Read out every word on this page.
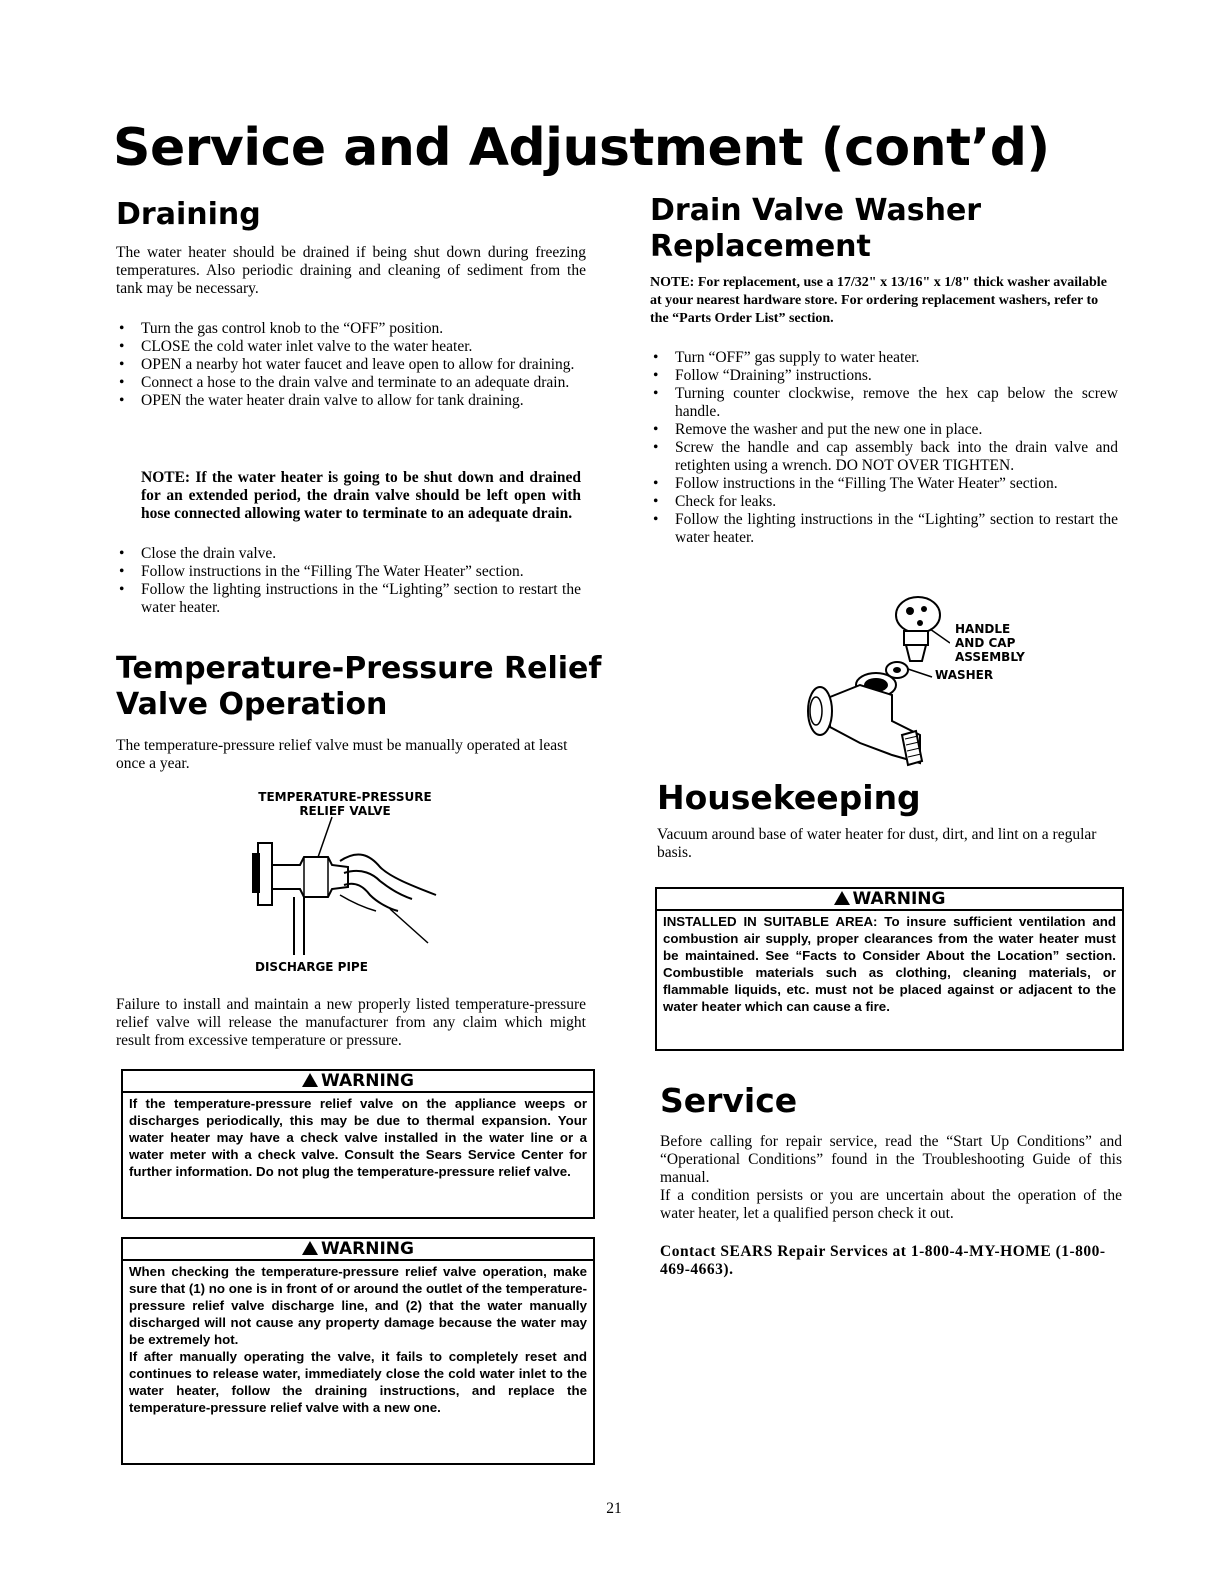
Service and Adjustment (cont’d)
Draining
The water heater should be drained if being shut down during freezing temperatures. Also periodic draining and cleaning of sediment from the tank may be necessary.
• Turn the gas control knob to the “OFF” position.
• CLOSE the cold water inlet valve to the water heater.
• OPEN a nearby hot water faucet and leave open to allow for draining.
• Connect a hose to the drain valve and terminate to an adequate drain.
• OPEN the water heater drain valve to allow for tank draining.
NOTE: If the water heater is going to be shut down and drained for an extended period, the drain valve should be left open with hose connected allowing water to terminate to an adequate drain.
• Close the drain valve.
• Follow instructions in the “Filling The Water Heater” section.
• Follow the lighting instructions in the “Lighting” section to restart the water heater.
Temperature-Pressure Relief
Valve Operation
The temperature-pressure relief valve must be manually operated at least once a year.
TEMPERATURE-PRESSURE
RELIEF VALVE
DISCHARGE PIPE
Failure to install and maintain a new properly listed temperature-pressure relief valve will release the manufacturer from any claim which might result from excessive temperature or pressure.
WARNING

If the temperature-pressure relief valve on the appliance weeps or discharges periodically, this may be due to thermal expansion. Your water heater may have a check valve installed in the water line or a water meter with a check valve. Consult the Sears Service Center for further information. Do not plug the temperature-pressure relief valve.

WARNING

When checking the temperature-pressure relief valve operation, make sure that (1) no one is in front of or around the outlet of the temperature-pressure relief valve discharge line, and (2) that the water manually discharged will not cause any property damage because the water may be extremely hot.

If after manually operating the valve, it fails to completely reset and continues to release water, immediately close the cold water inlet to the water heater, follow the draining instructions, and replace the temperature-pressure relief valve with a new one.

Drain Valve Washer
Replacement
NOTE: For replacement, use a 17/32" x 13/16" x 1/8" thick washer available at your nearest hardware store. For ordering replacement washers, refer to the “Parts Order List” section.
• Turn “OFF” gas supply to water heater.
• Follow “Draining” instructions.
• Turning counter clockwise, remove the hex cap below the screw handle.
• Remove the washer and put the new one in place.
• Screw the handle and cap assembly back into the drain valve and retighten using a wrench. DO NOT OVER TIGHTEN.
• Follow instructions in the “Filling The Water Heater” section.
• Check for leaks.
• Follow the lighting instructions in the “Lighting” section to restart the water heater.
HANDLE
AND CAP
ASSEMBLY
WASHER
Housekeeping
Vacuum around base of water heater for dust, dirt, and lint on a regular basis.
WARNING

INSTALLED IN SUITABLE AREA: To insure sufficient ventilation and combustion air supply, proper clearances from the water heater must be maintained. See “Facts to Consider About the Location” section. Combustible materials such as clothing, cleaning materials, or flammable liquids, etc. must not be placed against or adjacent to the water heater which can cause a fire.

Service
Before calling for repair service, read the “Start Up Conditions” and “Operational Conditions” found in the Troubleshooting Guide of this manual.
If a condition persists or you are uncertain about the operation of the water heater, let a qualified person check it out.
Contact SEARS Repair Services at 1-800-4-MY-HOME (1-800-469-4663).
21
